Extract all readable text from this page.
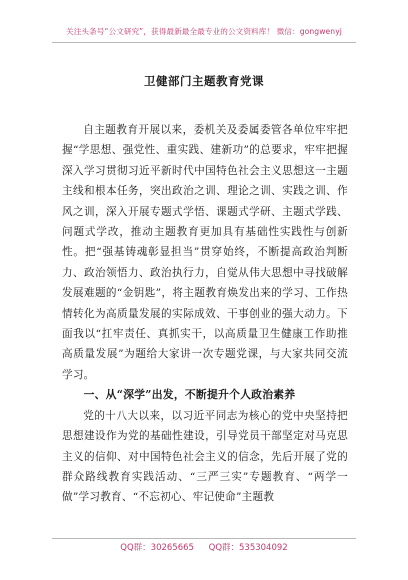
关注头条号“公文研究”，获得最新最全最专业的公文资料库！ 微信：gongwenyj
卫健部门主题教育党课

自主题教育开展以来，委机关及委属委管各单位牢牢把握“学思想、强党性、重实践、建新功”的总要求，牢牢把握深入学习贯彻习近平新时代中国特色社会主义思想这一主题主线和根本任务，突出政治之训、理论之训、实践之训、作风之训，深入开展专题式学悟、课题式学研、主题式学践、问题式学改，推动主题教育更加具有基础性实践性与创新性。把“强基铸魂彰显担当”贯穿始终，不断提高政治判断力、政治领悟力、政治执行力，自觉从伟大思想中寻找破解发展难题的“金钥匙”，将主题教育焕发出来的学习、工作热情转化为高质量发展的实际成效、干事创业的强大动力。下面我以“扛牢责任、真抓实干，以高质量卫生健康工作助推高质量发展”为题给大家讲一次专题党课，与大家共同交流学习。

一、从“深学”出发，不断提升个人政治素养

党的十八大以来，以习近平同志为核心的党中央坚持把思想建设作为党的基础性建设，引导党员干部坚定对马克思主义的信仰、对中国特色社会主义的信念，先后开展了党的群众路线教育实践活动、“三严三实”专题教育、“两学一做”学习教育、“不忘初心、牢记使命”主题教

QQ群：30265665 QQ群：535304092
